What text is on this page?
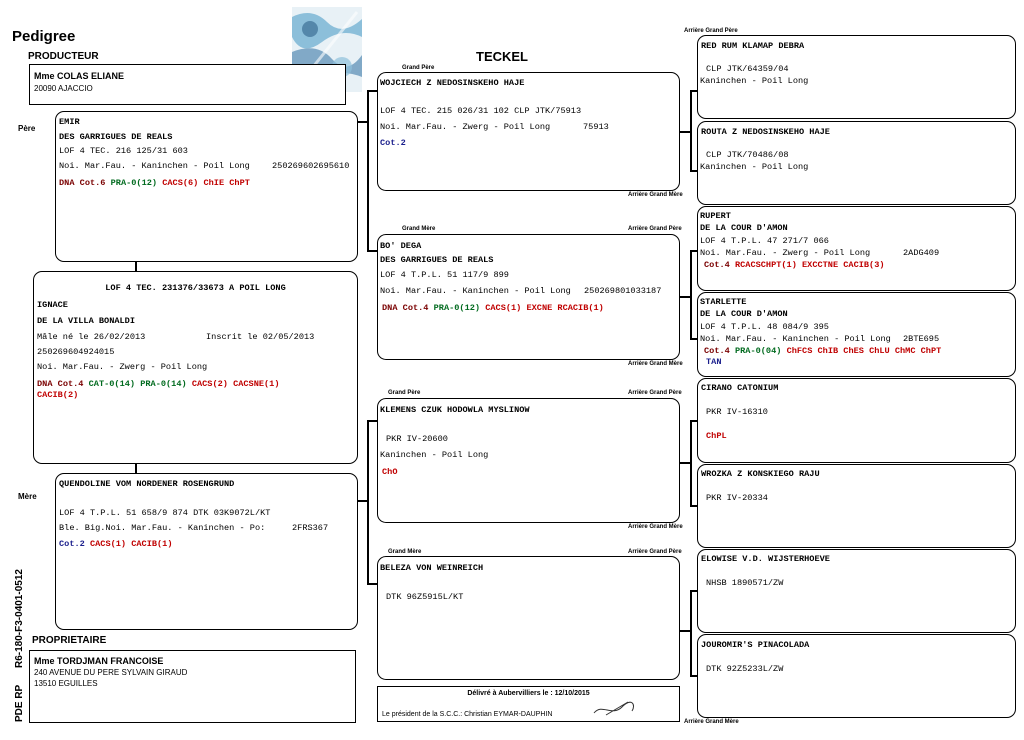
Pedigree
PRODUCTEUR	TECKEL
Mme COLAS ELIANE
20090 AJACCIO
Père
Mère
PDE RP
R6-180-F3-0401-0512
EMIR
DES GARRIGUES DE REALS
LOF 4 TEC. 216 125/31 603
Noi. Mar.Fau. - Kaninchen - Poil Long	250269602695610
DNA Cot.6 PRA-0(12) CACS(6) ChIE ChPT
LOF 4 TEC. 231376/33673 A POIL LONG
IGNACE
DE LA VILLA BONALDI
Mâle né le 26/02/2013	Inscrit le 02/05/2013
250269604924015
Noi. Mar.Fau. - Zwerg - Poil Long
DNA Cot.4 CAT-0(14) PRA-0(14) CACS(2) CACSNE(1)
CACIB(2)
QUENDOLINE VOM NORDENER ROSENGRUND
LOF 4 T.P.L. 51 658/9 874 DTK 03K9072L/KT
Ble. Big.Noi. Mar.Fau. - Kaninchen - Po:	2FRS367
Cot.2 CACS(1) CACIB(1)
PROPRIETAIRE
Mme TORDJMAN FRANCOISE
240 AVENUE DU PERE SYLVAIN GIRAUD
13510 EGUILLES
Grand Père
WOJCIECH Z NEDOSINSKEHO HAJE
LOF 4 TEC. 215 026/31 102 CLP JTK/75913
Noi. Mar.Fau. - Zwerg - Poil Long	75913
Cot.2
Arrière Grand Mère
Grand Mère	Arrière Grand Père
BO' DEGA
DES GARRIGUES DE REALS
LOF 4 T.P.L. 51 117/9 899
Noi. Mar.Fau. - Kaninchen - Poil Long 250269801033187
DNA Cot.4 PRA-0(12) CACS(1) EXCNE RCACIB(1)
Arrière Grand Mère
Grand Père	Arrière Grand Père
KLEMENS CZUK HODOWLA MYSLINOW
PKR IV-20600
Kaninchen - Poil Long
ChO
Arrière Grand Mère
Grand Mère	Arrière Grand Père
BELEZA VON WEINREICH
DTK 96Z5915L/KT
Délivré à Aubervilliers le : 12/10/2015
Le président de la S.C.C.: Christian EYMAR-DAUPHIN
Arrière Grand Père
RED RUM KLAMAP DEBRA
CLP JTK/64359/04
Kaninchen - Poil Long
ROUTA Z NEDOSINSKEHO HAJE
CLP JTK/70486/08
Kaninchen - Poil Long
RUPERT
DE LA COUR D'AMON
LOF 4 T.P.L. 47 271/7 066
Noi. Mar.Fau. - Zwerg - Poil Long	2ADG409
Cot.4 RCACSCHPT(1) EXCCTNE CACIB(3)
STARLETTE
DE LA COUR D'AMON
LOF 4 T.P.L. 48 084/9 395
Noi. Mar.Fau. - Kaninchen - Poil Long 2BTE695
Cot.4 PRA-0(04) ChFCS ChIB ChES ChLU ChMC ChPT
TAN
CIRANO CATONIUM
PKR IV-16310
ChPL
WROZKA Z KONSKIEGO RAJU
PKR IV-20334
ELOWISE V.D. WIJSTERHOEVE
NHSB 1890571/ZW
JOUROMIR'S PINACOLADA
DTK 92Z5233L/ZW
Arrière Grand Mère
